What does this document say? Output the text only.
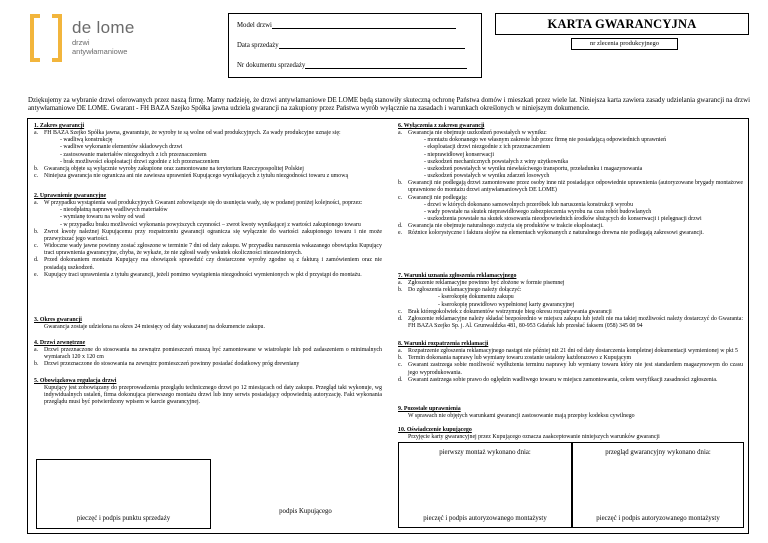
de lome
drzwi
antywłamaniowe
Model drzwi
Data sprzedaży
Nr dokumentu sprzedaży
KARTA GWARANCYJNA
nr zlecenia produkcyjnego
Dziękujemy za wybranie drzwi oferowanych przez naszą firmę. Mamy nadzieję, że drzwi antywłamaniowe DE LOME będą stanowiły skuteczną ochronę Państwa domów i mieszkań przez wiele lat. Niniejsza karta zawiera zasady udzielania gwarancji na drzwi antywłamaniowe DE LOME. Gwarant - FH BAZA Szejko Spółka jawna udziela gwarancji na zakupiony przez Państwa wyrób wyłącznie na zasadach i warunkach określonych w niniejszym dokumencie.
1. Zakres gwarancji
a.	FH BAZA Szejko Spółka jawna, gwarantuje, że wyroby te są wolne od wad produkcyjnych. Za wady produkcyjne uznaje się:
- wadliwą konstrukcję
- wadliwe wykonanie elementów składowych drzwi
- zastosowanie materiałów niezgodnych z ich przeznaczeniem
- brak możliwości eksploatacji drzwi zgodnie z ich przeznaczeniem
b. Gwarancją objęte są wyłącznie wyroby zakupione oraz zamontowane na terytorium Rzeczypospolitej Polskiej
c.	Niniejsza gwarancja nie ogranicza ani nie zawiesza uprawnień Kupującego wynikających z tytułu niezgodności towaru z umową
2. Uprawnienie gwarancyjne
a.	W przypadku wystąpienia wad produkcyjnych Gwarant zobowiązuje się do usunięcia wady, się w podanej poniżej kolejności, poprzez:
- nieodpłatną naprawę wadliwych materiałów
- wymianę towaru na wolny od wad
- w przypadku braku możliwości wykonania powyższych czynności – zwrot kwoty wynikającej z wartości zakupionego towaru
b. Zwrot kwoty należnej Kupującemu przy rozpatrzeniu gwarancji ograniczа się wyłącznie do wartości zakupionego towaru i nie może przewyższać jego wartości.
c.	Widoczne wady jawne powinny zostać zgłoszone w terminie 7 dni od daty zakupu. W przypadku naruszenia wskazanego obowiązku Kupujący traci uprawnienia gwarancyjne, chyba, że wykaże, że nie zgłosił wady wskutek okoliczności niezawinionych.
d. Przed dokonaniem montażu Kupujący ma obowiązek sprawdzić czy dostarczone wyroby zgodne są z fakturą i zamówieniem oraz nie posiadają uszkodzeń.
e.	Kupujący traci uprawnienia z tytułu gwarancji, jeżeli pomimo wystąpienia niezgodności wymienionych w pkt d przystąpi do montażu.
3. Okres gwarancji
Gwarancja zostaje udzielona na okres 24 miesięcy od daty wskazanej na dokumencie zakupu.
4. Drzwi zewnętrzne
a.	Drzwi przeznaczone do stosowania na zewnątrz pomieszczeń muszą być zamontowane w wiatrołapie lub pod zadaszeniem o minimalnych wymiarach 120 x 120 cm
b. Drzwi przeznaczone do stosowania na zewnątrz pomieszczeń powinny posiadać dodatkowy próg drewniany
5. Obowiązkowa regulacja drzwi
Kupujący jest zobowiązany do przeprowadzenia przeglądu technicznego drzwi po 12 miesiącach od daty zakupu. Przegląd taki wykonuje, wg indywidualnych ustaleń, firma dokonująca pierwszego montażu drzwi lub inny serwis posiadający odpowiednią autoryzację. Fakt wykonania przeglądu musi być potwierdzony wpisem w karcie gwarancyjnej.
6. Wyłączenia z zakresu gwarancji
a.	Gwarancja nie obejmuje uszkodzeń powstałych w wyniku:
- montażu dokonanego we własnym zakresie lub przez firmę nie posiadającą odpowiednich uprawnień
- eksploatacji drzwi niezgodnie z ich przeznaczeniem
- nieprawidłowej konserwacji
- uszkodzeń mechanicznych powstałych z winy użytkownika
- uszkodzeń powstałych w wyniku niewłaściwego transportu, przeładunku i magazynowania
- uszkodzeń powstałych w wyniku zdarzeń losowych
b. Gwarancji nie podlegają drzwi zamontowane przez osoby inne niż posiadające odpowiednie uprawnienia (autoryzowane brygady montażowe uprawnione do montażu drzwi antywłamaniowych DE LOME)
c.	Gwarancji nie podlegają:
- drzwi w których dokonano samowolnych przeróbek lub naruszenia konstrukcji wyrobu
- wady powstałe na skutek nieprawidłowego zabezpieczenia wyrobu na czas robót budowlanych
- uszkodzenia powstałe na skutek stosowania nieodpowiednich środków służących do konserwacji i pielęgnacji drzwi
d. Gwarancja nie obejmuje naturalnego zużycia się produktów w trakcie eksploatacji.
e.	Różnice kolorystyczne i faktura słojów na elementach wykonanych z naturalnego drewna nie podlegają zakresowi gwarancji.
7. Warunki uznania zgłoszenia reklamacyjnego
a.	Zgłoszenie reklamacyjne powinno być złożone w formie pisemnej
b. Do zgłoszenia reklamacyjnego należy dołączyć:
- kserokopię dokumentu zakupu
- kserokopię prawidłowo wypełnionej karty gwarancyjnej
c.	Brak któregokolwiek z dokumentów wstrzymuje bieg okresu rozpatrywania gwarancji
d. Zgłoszenie reklamacyjne należy składać bezpośrednio w miejscu zakupu lub jeżeli nie ma takiej możliwości należy dostarczyć do Gwaranta: FH BAZA Szejko Sp. j. Al. Grunwaldzka 481, 80-953 Gdańsk lub przesłać faksem (058) 345 08 94
8. Warunki rozpatrzenia reklamacji
a.	Rozpatrzenie zgłoszenia reklamacyjnego nastąpi nie później niż 21 dni od daty dostarczenia kompletnej dokumentacji wymienionej w pkt 5
b. Termin dokonania naprawy lub wymiany towaru zostanie ustalony każdorazowo z Kupującym
c.	Gwarant zastrzega sobie możliwość wydłużenia terminu naprawy lub wymiany towaru który nie jest standardem magazynowym do czasu jego wyprodukowania.
d. Gwarant zastrzega sobie prawo do oględzin wadliwego towaru w miejscu zamontowania, celem weryfikacji zasadności zgłoszenia.
9. Pozostałe uprawnienia
W sprawach nie objętych warunkami gwarancji zastosowanie mają przepisy kodeksu cywilnego
10. Oświadczenie kupującego
Przyjęcie karty gwarancyjnej przez Kupującego oznacza zaakceptowanie niniejszych warunków gwarancji
pieczęć i podpis punktu sprzedaży
podpis Kupującego
pierwszy montaż wykonano dnia:
pieczęć i podpis autoryzowanego montażysty
przegląd gwarancyjny wykonano dnia:
pieczęć i podpis autoryzowanego montażysty
